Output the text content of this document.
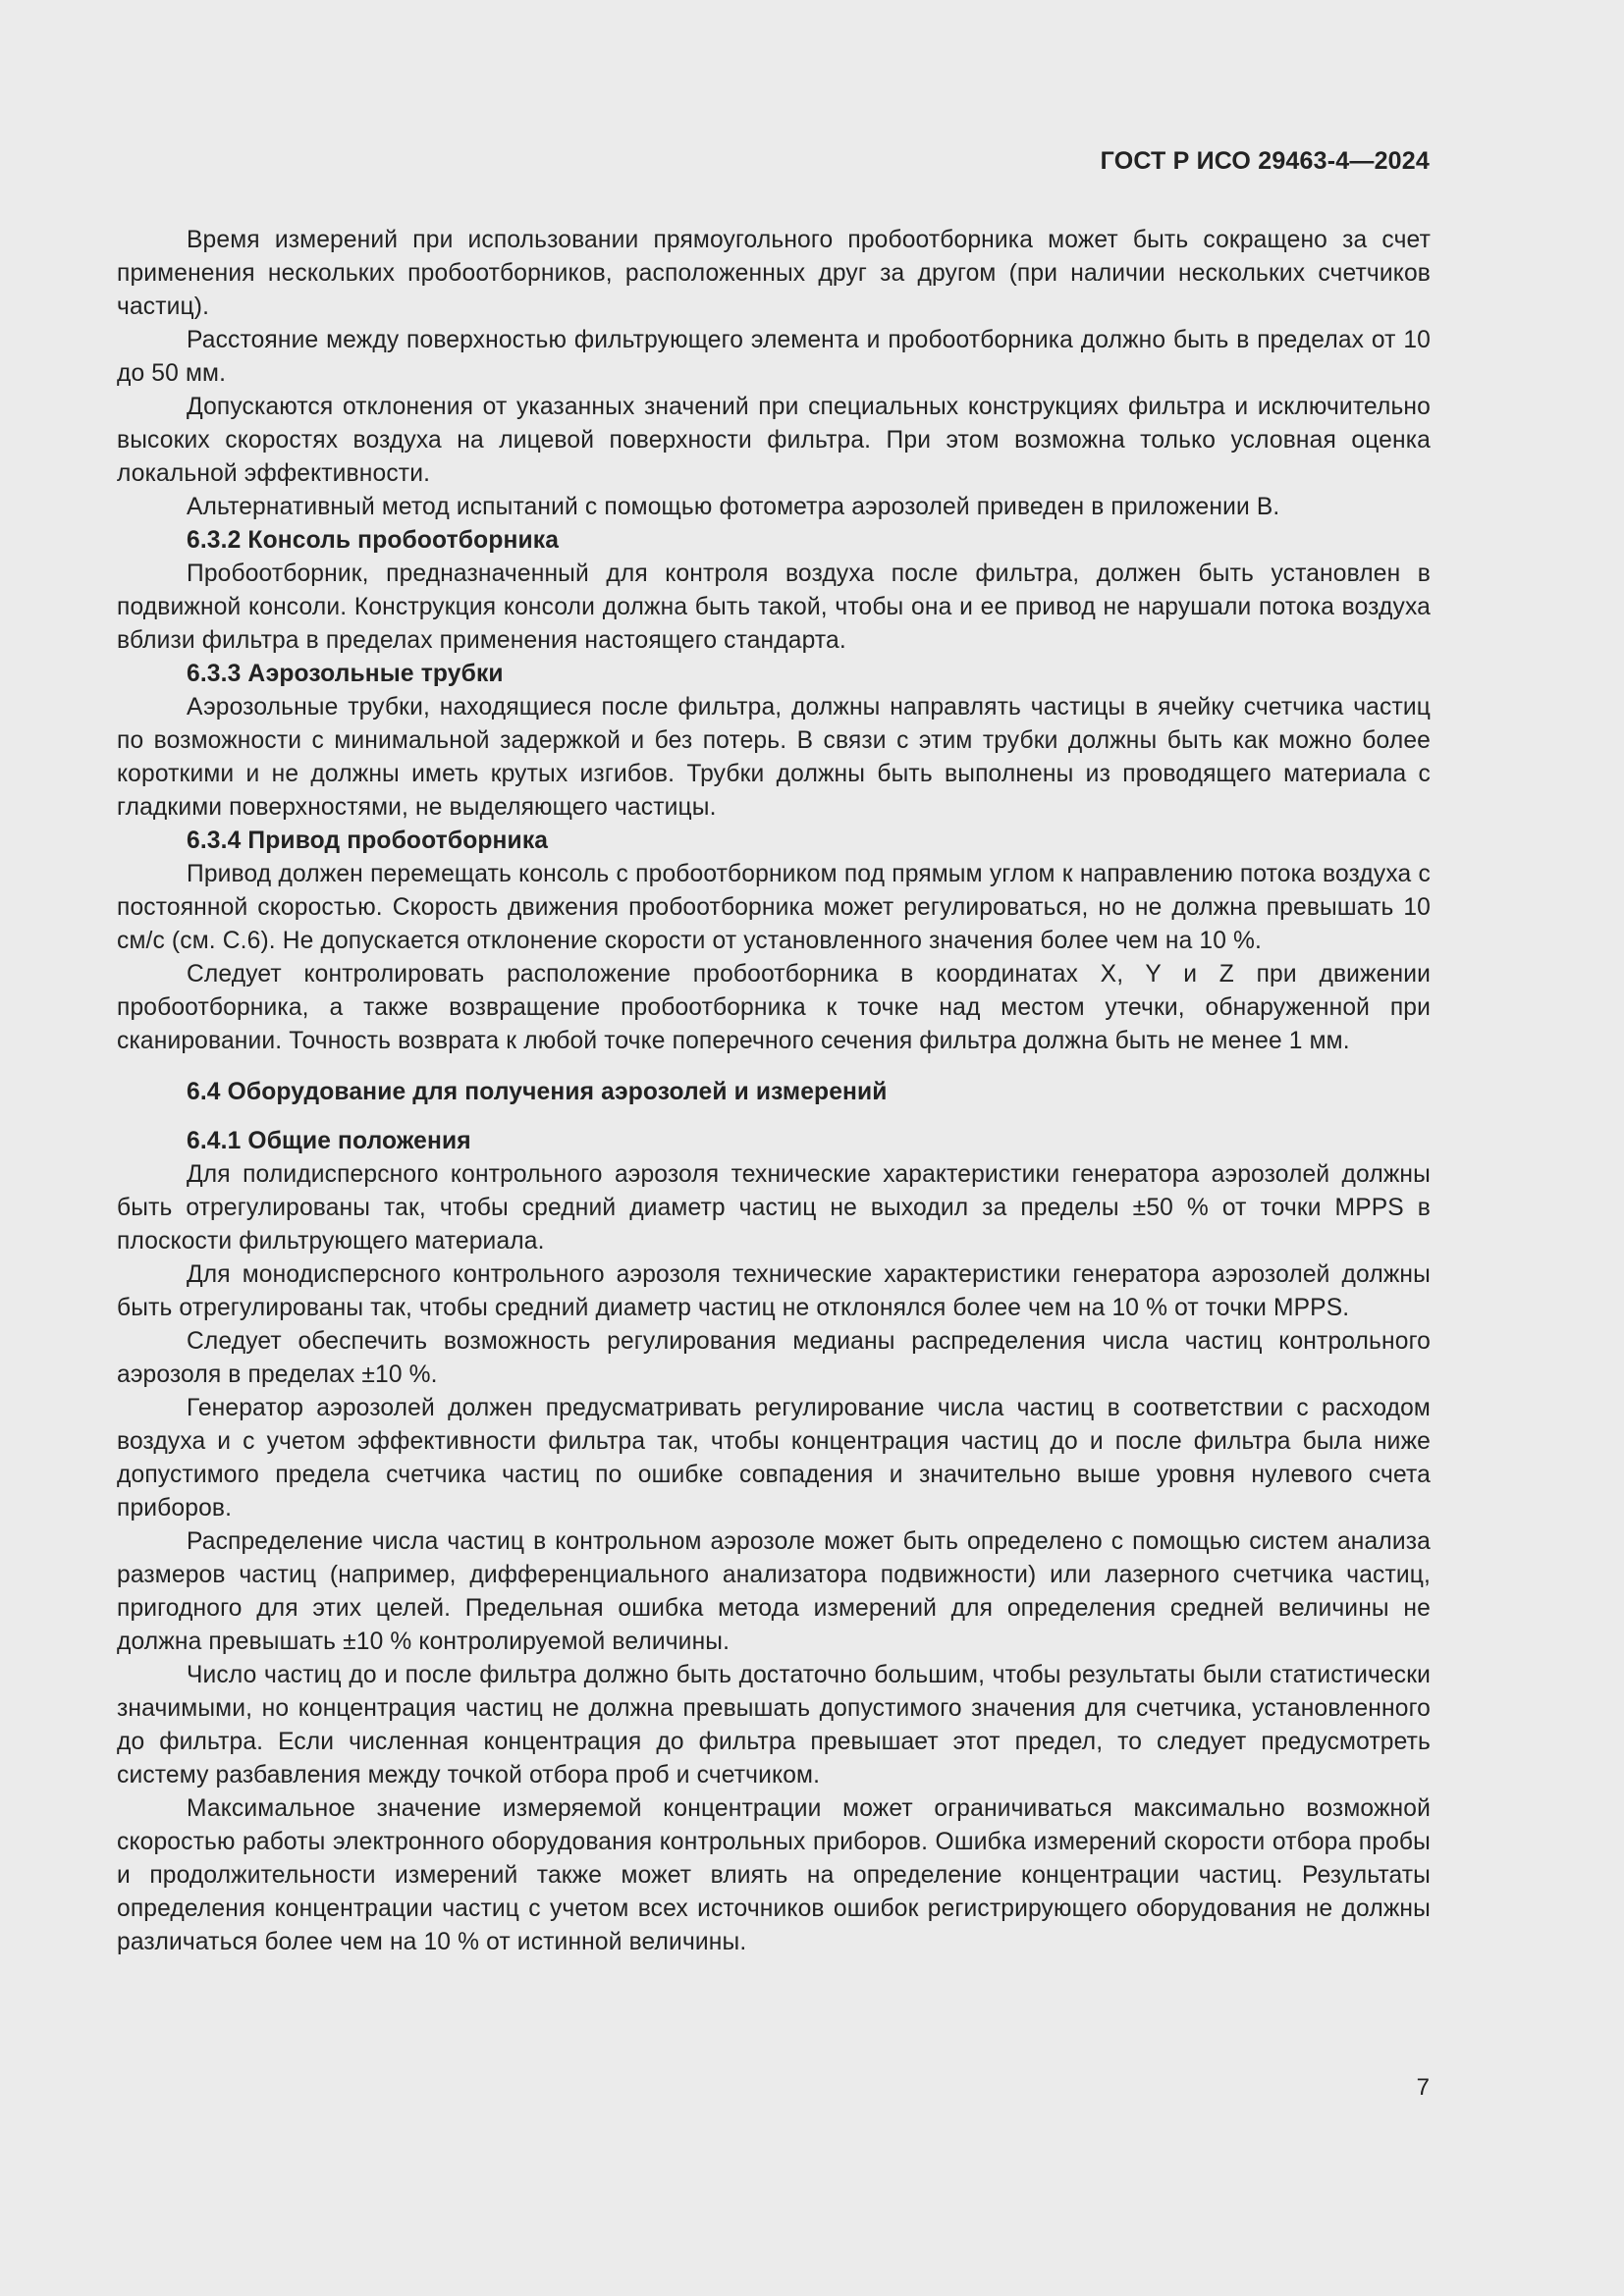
ГОСТ Р ИСО 29463-4—2024

Время измерений при использовании прямоугольного пробоотборника может быть сокращено за счет применения нескольких пробоотборников, расположенных друг за другом (при наличии нескольких счетчиков частиц).

Расстояние между поверхностью фильтрующего элемента и пробоотборника должно быть в пределах от 10 до 50 мм.

Допускаются отклонения от указанных значений при специальных конструкциях фильтра и исключительно высоких скоростях воздуха на лицевой поверхности фильтра. При этом возможна только условная оценка локальной эффективности.

Альтернативный метод испытаний с помощью фотометра аэрозолей приведен в приложении В.

6.3.2 Консоль пробоотборника

Пробоотборник, предназначенный для контроля воздуха после фильтра, должен быть установлен в подвижной консоли. Конструкция консоли должна быть такой, чтобы она и ее привод не нарушали потока воздуха вблизи фильтра в пределах применения настоящего стандарта.

6.3.3 Аэрозольные трубки

Аэрозольные трубки, находящиеся после фильтра, должны направлять частицы в ячейку счетчика частиц по возможности с минимальной задержкой и без потерь. В связи с этим трубки должны быть как можно более короткими и не должны иметь крутых изгибов. Трубки должны быть выполнены из проводящего материала с гладкими поверхностями, не выделяющего частицы.

6.3.4 Привод пробоотборника

Привод должен перемещать консоль с пробоотборником под прямым углом к направлению потока воздуха с постоянной скоростью. Скорость движения пробоотборника может регулироваться, но не должна превышать 10 см/с (см. С.6). Не допускается отклонение скорости от установленного значения более чем на 10 %.

Следует контролировать расположение пробоотборника в координатах X, Y и Z при движении пробоотборника, а также возвращение пробоотборника к точке над местом утечки, обнаруженной при сканировании. Точность возврата к любой точке поперечного сечения фильтра должна быть не менее 1 мм.

6.4 Оборудование для получения аэрозолей и измерений

6.4.1 Общие положения

Для полидисперсного контрольного аэрозоля технические характеристики генератора аэрозолей должны быть отрегулированы так, чтобы средний диаметр частиц не выходил за пределы ±50 % от точки MPPS в плоскости фильтрующего материала.

Для монодисперсного контрольного аэрозоля технические характеристики генератора аэрозолей должны быть отрегулированы так, чтобы средний диаметр частиц не отклонялся более чем на 10 % от точки MPPS.

Следует обеспечить возможность регулирования медианы распределения числа частиц контрольного аэрозоля в пределах ±10 %.

Генератор аэрозолей должен предусматривать регулирование числа частиц в соответствии с расходом воздуха и с учетом эффективности фильтра так, чтобы концентрация частиц до и после фильтра была ниже допустимого предела счетчика частиц по ошибке совпадения и значительно выше уровня нулевого счета приборов.

Распределение числа частиц в контрольном аэрозоле может быть определено с помощью систем анализа размеров частиц (например, дифференциального анализатора подвижности) или лазерного счетчика частиц, пригодного для этих целей. Предельная ошибка метода измерений для определения средней величины не должна превышать ±10 % контролируемой величины.

Число частиц до и после фильтра должно быть достаточно большим, чтобы результаты были статистически значимыми, но концентрация частиц не должна превышать допустимого значения для счетчика, установленного до фильтра. Если численная концентрация до фильтра превышает этот предел, то следует предусмотреть систему разбавления между точкой отбора проб и счетчиком.

Максимальное значение измеряемой концентрации может ограничиваться максимально возможной скоростью работы электронного оборудования контрольных приборов. Ошибка измерений скорости отбора пробы и продолжительности измерений также может влиять на определение концентрации частиц. Результаты определения концентрации частиц с учетом всех источников ошибок регистрирующего оборудования не должны различаться более чем на 10 % от истинной величины.

7
